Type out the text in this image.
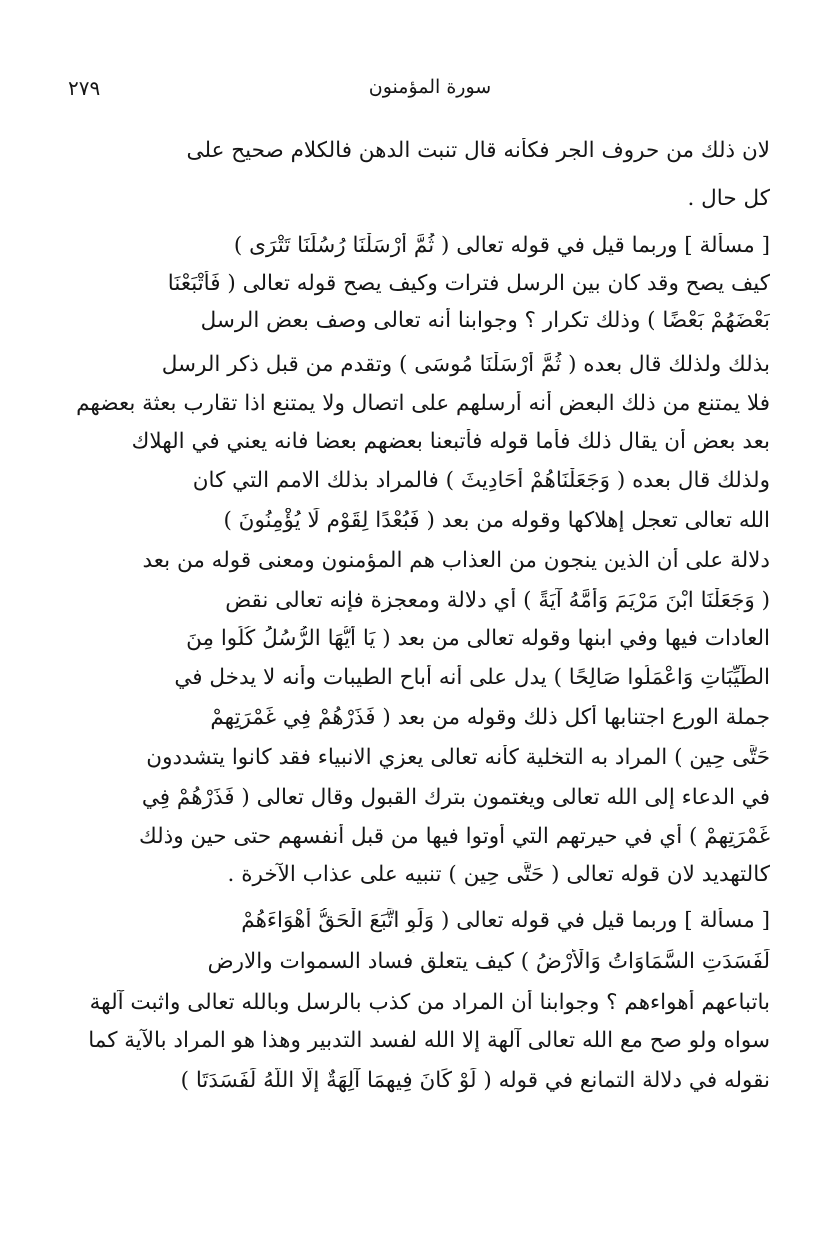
٢٧٩	سورة المؤمنون
لان ذلك من حروف الجر فكأنه قال تنبت الدهن فالكلام صحيح على
كل حال .
[ مسألة ] وربما قيل في قوله تعالى ( ثُمَّ أَرْسَلْنَا رُسُلَنَا تَتْرَى )
كيف يصح وقد كان بين الرسل فترات وكيف يصح قوله تعالى ( فَأَتْبَعْنَا
بَعْضَهُمْ بَعْضًا ) وذلك تكرار ؟ وجوابنا أنه تعالى وصف بعض الرسل
بذلك ولذلك قال بعده ( ثُمَّ أَرْسَلْنَا مُوسَى ) وتقدم من قبل ذكر الرسل
فلا يمتنع من ذلك البعض أنه أرسلهم على اتصال ولا يمتنع اذا تقارب بعثة بعضهم
بعد بعض أن يقال ذلك فأما قوله فأتبعنا بعضهم بعضا فانه يعني في الهلاك
ولذلك قال بعده ( وَجَعَلْنَاهُمْ أَحَادِيثَ ) فالمراد بذلك الامم التي كان
الله تعالى تعجل إهلاكها وقوله من بعد ( فَبُعْدًا لِقَوْمٍ لَا يُؤْمِنُونَ )
دلالة على أن الذين ينجون من العذاب هم المؤمنون ومعنى قوله من بعد
( وَجَعَلْنَا ابْنَ مَرْيَمَ وَأُمَّهُ آيَةً ) أي دلالة ومعجزة فإنه تعالى نقض
العادات فيها وفي ابنها وقوله تعالى من بعد ( يَا أَيُّهَا الرُّسُلُ كُلُوا مِنَ
الطَّيِّبَاتِ وَاعْمَلُوا صَالِحًا ) يدل على أنه أباح الطيبات وأنه لا يدخل في
جملة الورع اجتنابها أكل ذلك وقوله من بعد ( فَذَرْهُمْ فِي غَمْرَتِهِمْ
حَتَّى حِينٍ ) المراد به التخلية كأنه تعالى يعزي الانبياء فقد كانوا يتشددون
في الدعاء إلى الله تعالى ويغتمون بترك القبول وقال تعالى ( فَذَرْهُمْ فِي
غَمْرَتِهِمْ ) أي في حيرتهم التي أوتوا فيها من قبل أنفسهم حتى حين وذلك
كالتهديد لان قوله تعالى ( حَتَّى حِينٍ ) تنبيه على عذاب الآخرة .
[ مسألة ] وربما قيل في قوله تعالى ( وَلَوِ اتَّبَعَ الْحَقُّ أَهْوَاءَهُمْ
لَفَسَدَتِ السَّمَاوَاتُ وَالْأَرْضُ ) كيف يتعلق فساد السموات والارض
باتباعهم أهواءهم ؟ وجوابنا أن المراد من كذب بالرسل وبالله تعالى واثبت آلهة
سواه ولو صح مع الله تعالى آلهة إلا الله لفسد التدبير وهذا هو المراد بالآية كما
نقوله في دلالة التمانع في قوله ( لَوْ كَانَ فِيهِمَا آلِهَةٌ إِلَّا اللَّهُ لَفَسَدَتَا )
